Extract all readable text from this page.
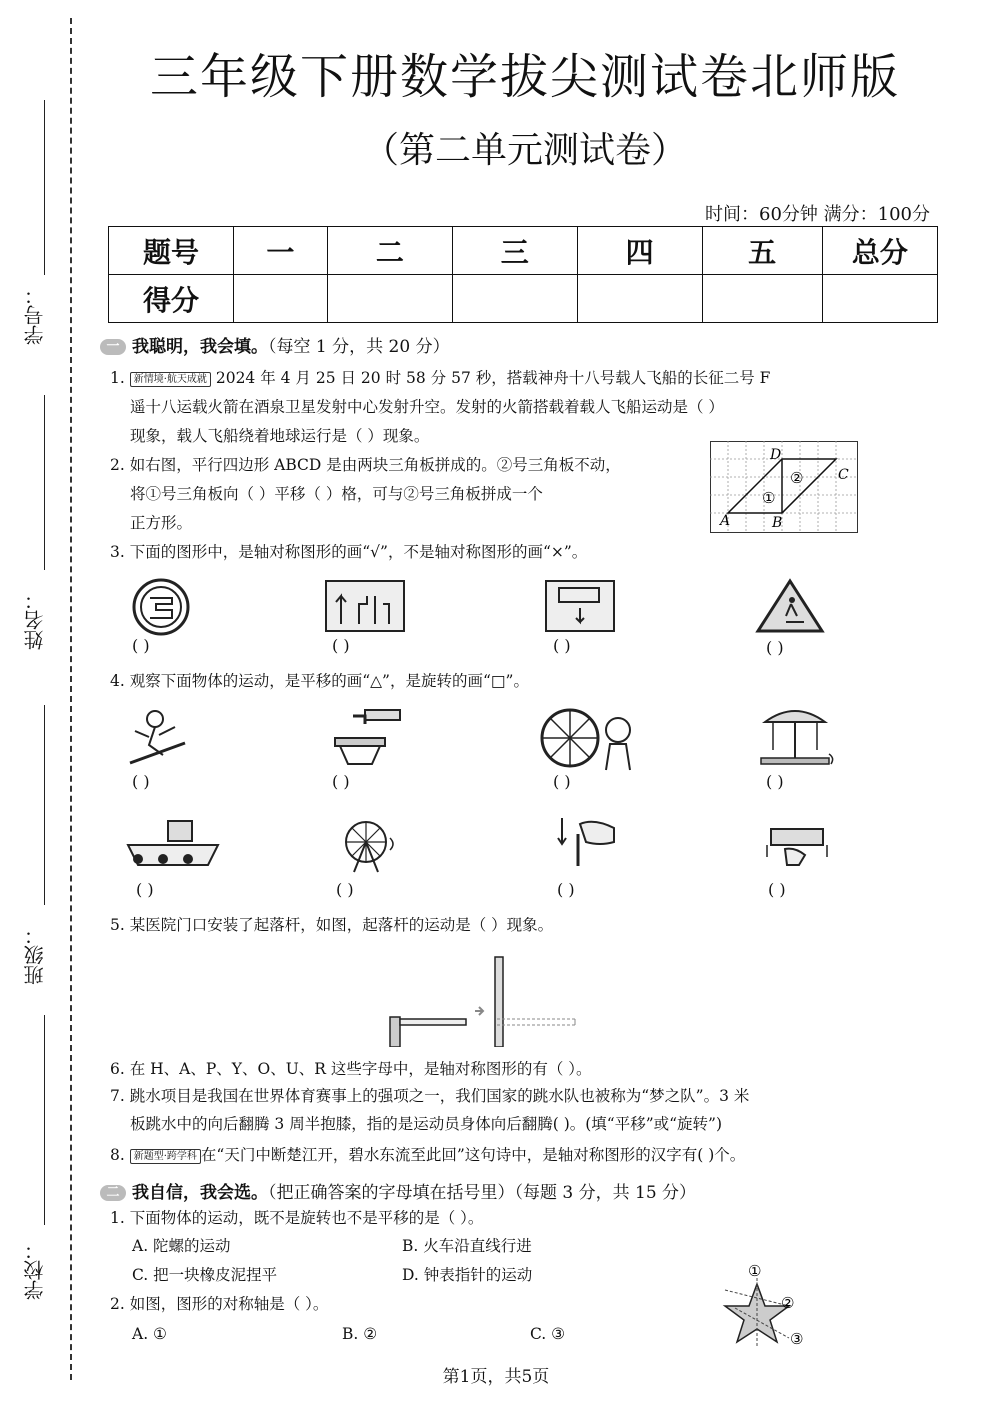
学号：
姓名：
班级：
学校：
三年级下册数学拔尖测试卷北师版
（第二单元测试卷）
时间：60分钟 满分：100分
题号	一	二	三	四	五	总分
得分						
一 我聪明，我会填。（每空 1 分，共 20 分）
1. 新情境·航天成就 2024 年 4 月 25 日 20 时 58 分 57 秒，搭载神舟十八号载人飞船的长征二号 F
遥十八运载火箭在酒泉卫星发射中心发射升空。发射的火箭搭载着载人飞船运动是（ ）
现象，载人飞船绕着地球运行是（ ）现象。
2. 如右图，平行四边形 ABCD 是由两块三角板拼成的。②号三角板不动，
将①号三角板向（ ）平移（ ）格，可与②号三角板拼成一个
正方形。	A	B
C
D
①
②
3. 下面的图形中，是轴对称图形的画“√”，不是轴对称图形的画“×”。
( )	( )	( )	( )
4. 观察下面物体的运动，是平移的画“△”，是旋转的画“□”。
( )	( )	( )	( )
( )	( )	( )	( )
5. 某医院门口安装了起落杆，如图，起落杆的运动是（ ）现象。
6. 在 H、A、P、Y、O、U、R 这些字母中，是轴对称图形的有（ ）。
7. 跳水项目是我国在世界体育赛事上的强项之一，我们国家的跳水队也被称为“梦之队”。3 米
板跳水中的向后翻腾 3 周半抱膝，指的是运动员身体向后翻腾( )。(填“平移”或“旋转”)
8. 新题型·跨学科 在“天门中断楚江开，碧水东流至此回”这句诗中，是轴对称图形的汉字有( )个。
二 我自信，我会选。（把正确答案的字母填在括号里）（每题 3 分，共 15 分）
1. 下面物体的运动，既不是旋转也不是平移的是（ ）。
A. 陀螺的运动	B. 火车沿直线行进
C. 把一块橡皮泥捏平	D. 钟表指针的运动
2. 如图，图形的对称轴是（ ）。
A. ①	B. ②	C. ③
①
②
③
第1页，共5页
